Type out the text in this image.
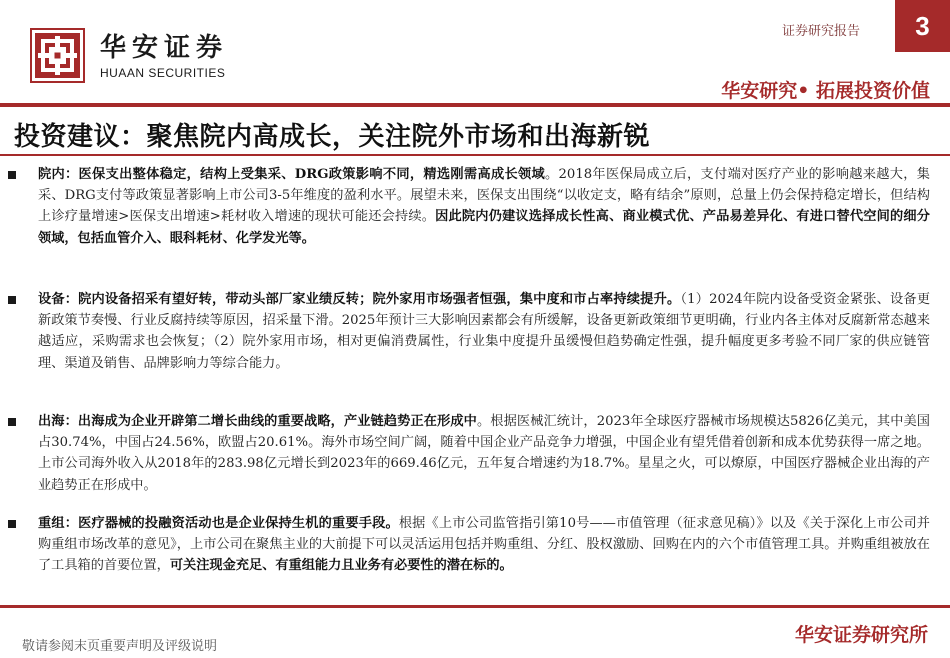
华安证券
HUAAN SECURITIES
证券研究报告	3
华安研究• 拓展投资价值
投资建议：聚焦院内高成长，关注院外市场和出海新锐
院内：医保支出整体稳定，结构上受集采、DRG政策影响不同，精选刚需高成长领域。2018年医保局成立后，支付端对医疗产业的影响越来越大，集采、DRG支付等政策显著影响上市公司3-5年维度的盈利水平。展望未来，医保支出围绕“以收定支，略有结余”原则，总量上仍会保持稳定增长，但结构上诊疗量增速>医保支出增速>耗材收入增速的现状可能还会持续。因此院内仍建议选择成长性高、商业模式优、产品易差异化、有进口替代空间的细分领域，包括血管介入、眼科耗材、化学发光等。
设备：院内设备招采有望好转，带动头部厂家业绩反转；院外家用市场强者恒强，集中度和市占率持续提升。（1）2024年院内设备受资金紧张、设备更新政策节奏慢、行业反腐持续等原因，招采量下滑。2025年预计三大影响因素都会有所缓解，设备更新政策细节更明确，行业内各主体对反腐新常态越来越适应，采购需求也会恢复；（2）院外家用市场，相对更偏消费属性，行业集中度提升虽缓慢但趋势确定性强，提升幅度更多考验不同厂家的供应链管理、渠道及销售、品牌影响力等综合能力。
出海：出海成为企业开辟第二增长曲线的重要战略，产业链趋势正在形成中。根据医械汇统计，2023年全球医疗器械市场规模达5826亿美元，其中美国占30.74%，中国占24.56%，欧盟占20.61%。海外市场空间广阔，随着中国企业产品竞争力增强，中国企业有望凭借着创新和成本优势获得一席之地。上市公司海外收入从2018年的283.98亿元增长到2023年的669.46亿元，五年复合增速约为18.7%。星星之火，可以燎原，中国医疗器械企业出海的产业趋势正在形成中。
重组：医疗器械的投融资活动也是企业保持生机的重要手段。根据《上市公司监管指引第10号——市值管理（征求意见稿）》以及《关于深化上市公司并购重组市场改革的意见》，上市公司在聚焦主业的大前提下可以灵活运用包括并购重组、分红、股权激励、回购在内的六个市值管理工具。并购重组被放在了工具箱的首要位置，可关注现金充足、有重组能力且业务有必要性的潜在标的。
敬请参阅末页重要声明及评级说明
华安证券研究所
